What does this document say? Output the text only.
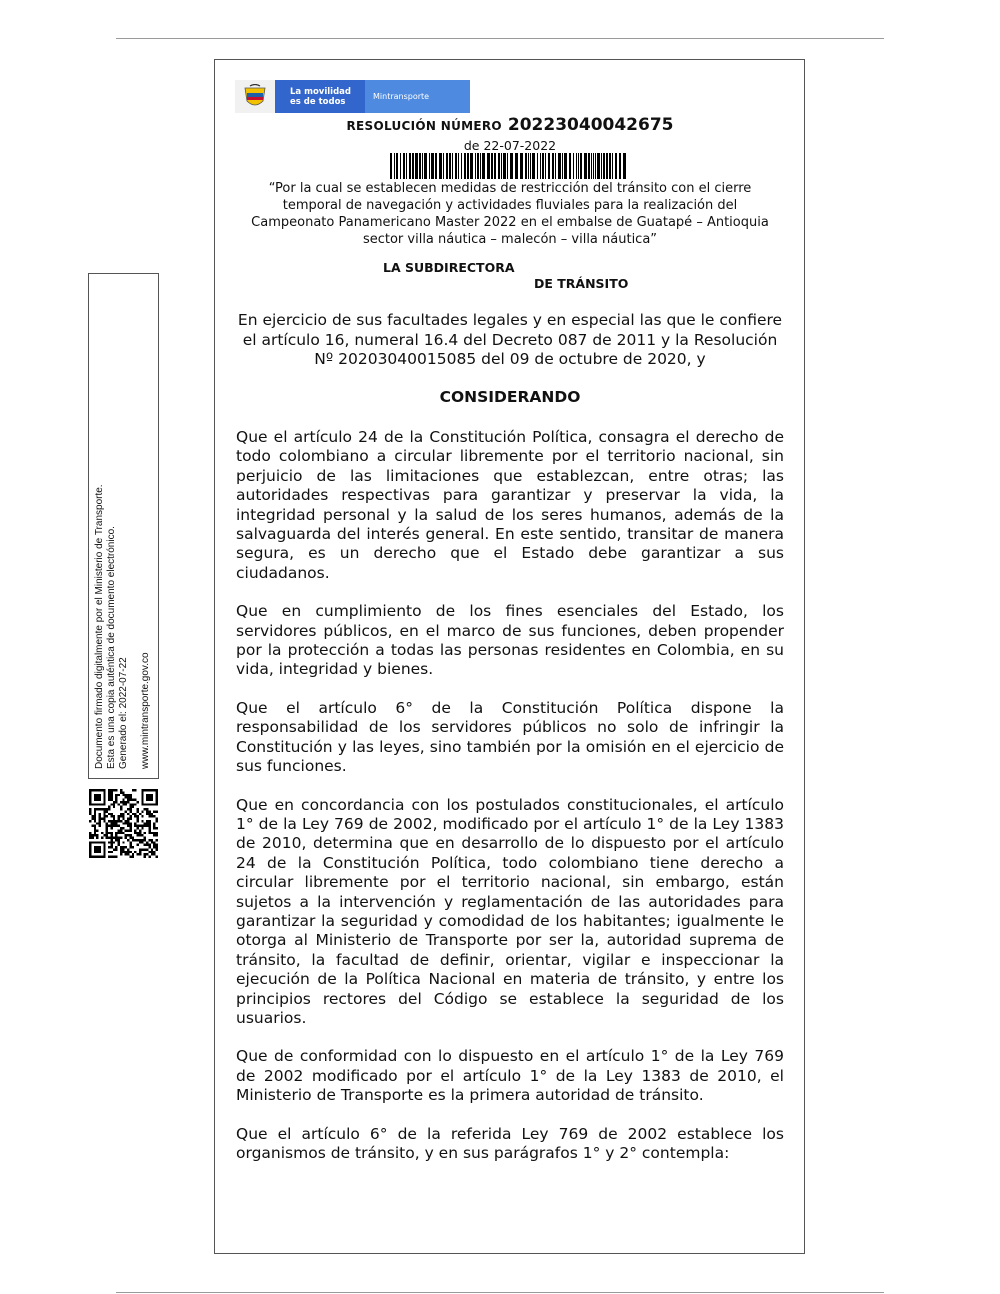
La movilidad
es de todos	Mintransporte
RESOLUCIÓN NÚMERO 20223040042675
de 22-07-2022
“Por la cual se establecen medidas de restricción del tránsito con el cierre temporal de navegación y actividades fluviales para la realización del Campeonato Panamericano Master 2022 en el embalse de Guatapé – Antioquia sector villa náutica – malecón – villa náutica”
LA SUBDIRECTORA
DE TRÁNSITO
En ejercicio de sus facultades legales y en especial las que le confiere el artículo 16, numeral 16.4 del Decreto 087 de 2011 y la Resolución Nº 20203040015085 del 09 de octubre de 2020, y
CONSIDERANDO

Que el artículo 24 de la Constitución Política, consagra el derecho de todo colombiano a circular libremente por el territorio nacional, sin perjuicio de las limitaciones que establezcan, entre otras; las autoridades respectivas para garantizar y preservar la vida, la integridad personal y la salud de los seres humanos, además de la salvaguarda del interés general. En este sentido, transitar de manera segura, es un derecho que el Estado debe garantizar a sus ciudadanos.

Que en cumplimiento de los fines esenciales del Estado, los servidores públicos, en el marco de sus funciones, deben propender por la protección a todas las personas residentes en Colombia, en su vida, integridad y bienes.

Que el artículo 6° de la Constitución Política dispone la responsabilidad de los servidores públicos no solo de infringir la Constitución y las leyes, sino también por la omisión en el ejercicio de sus funciones.

Que en concordancia con los postulados constitucionales, el artículo 1° de la Ley 769 de 2002, modificado por el artículo 1° de la Ley 1383 de 2010, determina que en desarrollo de lo dispuesto por el artículo 24 de la Constitución Política, todo colombiano tiene derecho a circular libremente por el territorio nacional, sin embargo, están sujetos a la intervención y reglamentación de las autoridades para garantizar la seguridad y comodidad de los habitantes; igualmente le otorga al Ministerio de Transporte por ser la, autoridad suprema de tránsito, la facultad de definir, orientar, vigilar e inspeccionar la ejecución de la Política Nacional en materia de tránsito, y entre los principios rectores del Código se establece la seguridad de los usuarios.

Que de conformidad con lo dispuesto en el artículo 1° de la Ley 769 de 2002 modificado por el artículo 1° de la Ley 1383 de 2010, el Ministerio de Transporte es la primera autoridad de tránsito.

Que el artículo 6° de la referida Ley 769 de 2002 establece los organismos de tránsito, y en sus parágrafos 1° y 2° contempla:

Documento firmado digitalmente por el Ministerio de Transporte. Esta es una copia auténtica de documento electrónico. Generado el: 2022-07-22 www.mintransporte.gov.co
